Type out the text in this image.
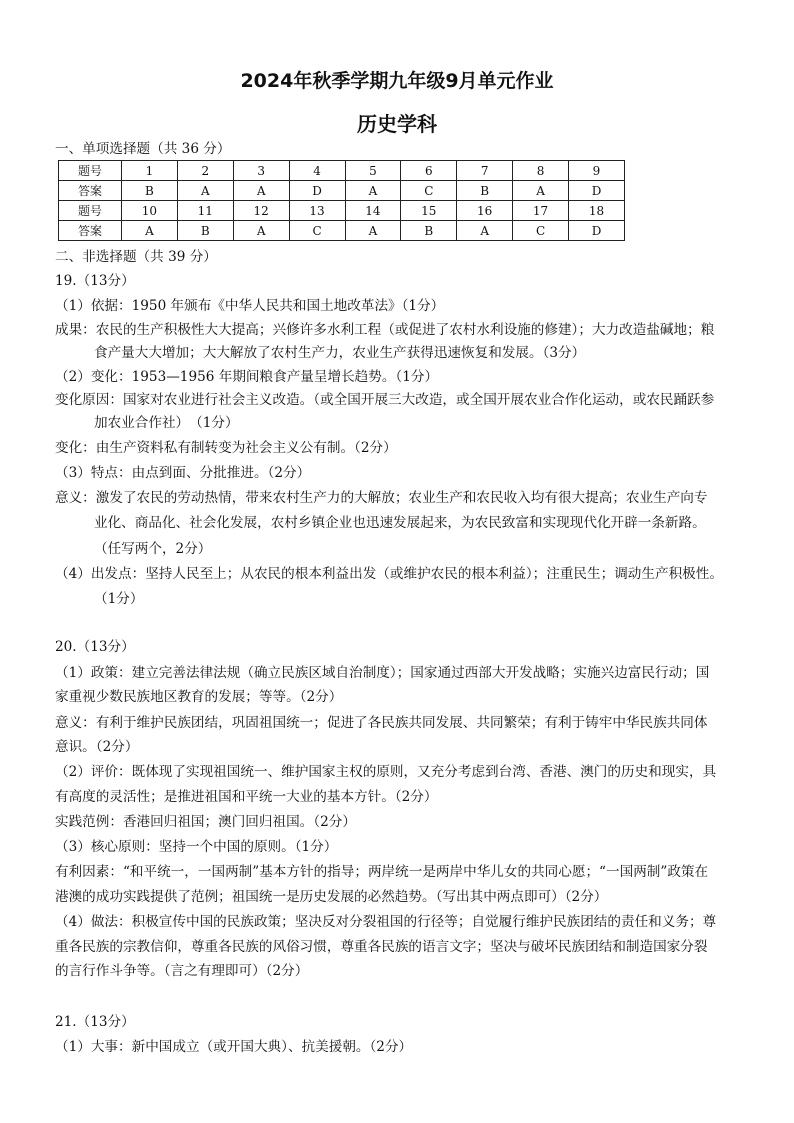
2024年秋季学期九年级9月单元作业
历史学科
一、单项选择题（共 36 分）
题号	1	2	3	4	5	6	7	8	9
答案	B	A	A	D	A	C	B	A	D
题号	10	11	12	13	14	15	16	17	18
答案	A	B	A	C	A	B	A	C	D
二、非选择题（共 39 分）
19.（13分）
（1）依据：1950 年颁布《中华人民共和国土地改革法》（1分）
成果：农民的生产积极性大大提高；兴修许多水利工程（或促进了农村水利设施的修建）；大力改造盐碱地；粮
食产量大大增加；大大解放了农村生产力，农业生产获得迅速恢复和发展。（3分）
（2）变化：1953—1956 年期间粮食产量呈增长趋势。（1分）
变化原因：国家对农业进行社会主义改造。（或全国开展三大改造，或全国开展农业合作化运动，或农民踊跃参
加农业合作社）　（1分）
变化：由生产资料私有制转变为社会主义公有制。（2分）
（3）特点：由点到面、分批推进。（2分）
意义：激发了农民的劳动热情，带来农村生产力的大解放；农业生产和农民收入均有很大提高；农业生产向专
业化、商品化、社会化发展，农村乡镇企业也迅速发展起来，为农民致富和实现现代化开辟一条新路。
（任写两个，2分）
（4）出发点：坚持人民至上；从农民的根本利益出发（或维护农民的根本利益）；注重民生；调动生产积极性。
（1分）
20.（13分）
（1）政策：建立完善法律法规（确立民族区域自治制度）；国家通过西部大开发战略；实施兴边富民行动；国
家重视少数民族地区教育的发展；等等。（2分）
意义：有利于维护民族团结，巩固祖国统一；促进了各民族共同发展、共同繁荣；有利于铸牢中华民族共同体
意识。（2分）
（2）评价：既体现了实现祖国统一、维护国家主权的原则，又充分考虑到台湾、香港、澳门的历史和现实，具
有高度的灵活性；是推进祖国和平统一大业的基本方针。（2分）
实践范例：香港回归祖国；澳门回归祖国。（2分）
（3）核心原则：坚持一个中国的原则。（1分）
有利因素：“和平统一，一国两制”基本方针的指导；两岸统一是两岸中华儿女的共同心愿；“一国两制”政策在
港澳的成功实践提供了范例；祖国统一是历史发展的必然趋势。（写出其中两点即可）（2分）
（4）做法：积极宣传中国的民族政策；坚决反对分裂祖国的行径等；自觉履行维护民族团结的责任和义务；尊
重各民族的宗教信仰，尊重各民族的风俗习惯，尊重各民族的语言文字；坚决与破坏民族团结和制造国家分裂
的言行作斗争等。（言之有理即可）（2分）
21.（13分）
（1）大事：新中国成立（或开国大典）、抗美援朝。（2分）
